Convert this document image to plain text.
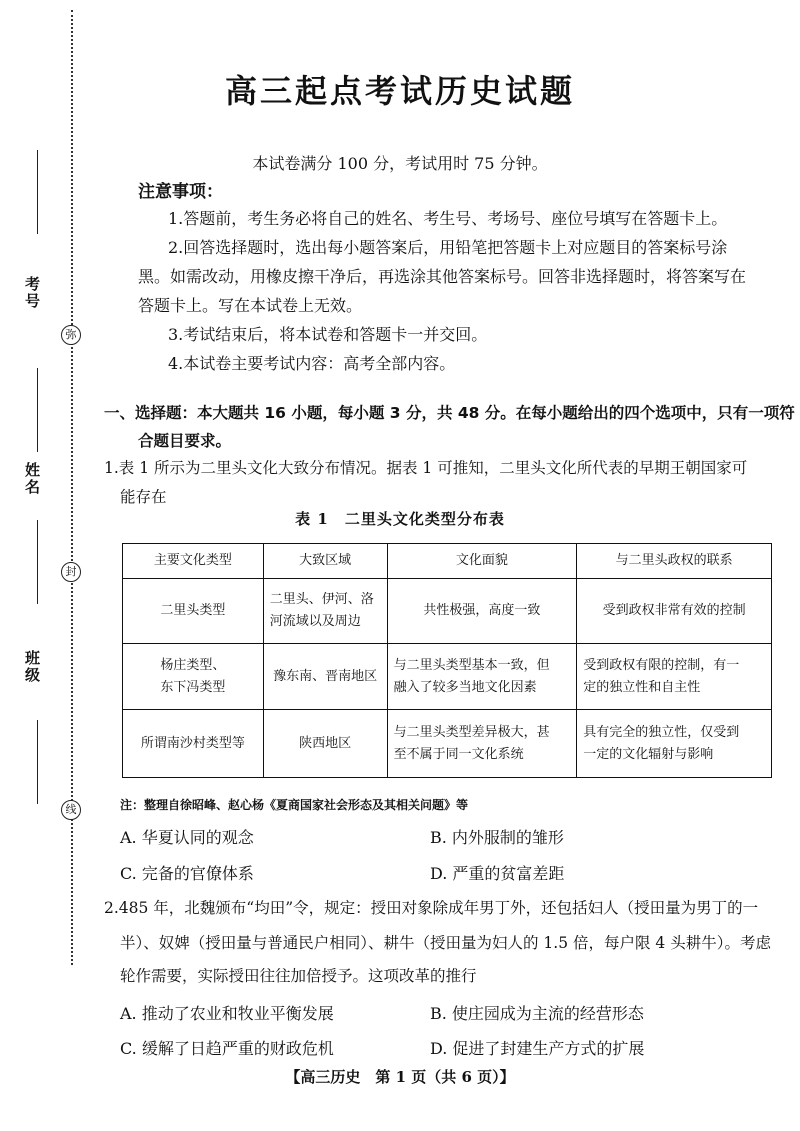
弥
封
线
考号
姓名
班级
高三起点考试历史试题
本试卷满分 100 分，考试用时 75 分钟。
注意事项：
1.答题前，考生务必将自己的姓名、考生号、考场号、座位号填写在答题卡上。
2.回答选择题时，选出每小题答案后，用铅笔把答题卡上对应题目的答案标号涂
黑。如需改动，用橡皮擦干净后，再选涂其他答案标号。回答非选择题时，将答案写在
答题卡上。写在本试卷上无效。
3.考试结束后，将本试卷和答题卡一并交回。
4.本试卷主要考试内容：高考全部内容。
一、选择题：本大题共 16 小题，每小题 3 分，共 48 分。在每小题给出的四个选项中，只有一项符
合题目要求。
1.表 1 所示为二里头文化大致分布情况。据表 1 可推知，二里头文化所代表的早期王朝国家可
能存在
表 1　二里头文化类型分布表
主要文化类型	大致区域	文化面貌	与二里头政权的联系
二里头类型	二里头、伊河、洛
河流域以及周边	共性极强，高度一致	受到政权非常有效的控制
杨庄类型、
东下冯类型	豫东南、晋南地区	与二里头类型基本一致，但
融入了较多当地文化因素	受到政权有限的控制，有一
定的独立性和自主性
所谓南沙村类型等	陕西地区	与二里头类型差异极大，甚
至不属于同一文化系统	具有完全的独立性，仅受到
一定的文化辐射与影响
注：整理自徐昭峰、赵心杨《夏商国家社会形态及其相关问题》等
A. 华夏认同的观念	B. 内外服制的雏形
C. 完备的官僚体系	D. 严重的贫富差距
2.485 年，北魏颁布“均田”令，规定：授田对象除成年男丁外，还包括妇人（授田量为男丁的一
半）、奴婢（授田量与普通民户相同）、耕牛（授田量为妇人的 1.5 倍，每户限 4 头耕牛）。考虑
轮作需要，实际授田往往加倍授予。这项改革的推行
A. 推动了农业和牧业平衡发展	B. 使庄园成为主流的经营形态
C. 缓解了日趋严重的财政危机	D. 促进了封建生产方式的扩展
【高三历史　第 1 页（共 6 页）】
